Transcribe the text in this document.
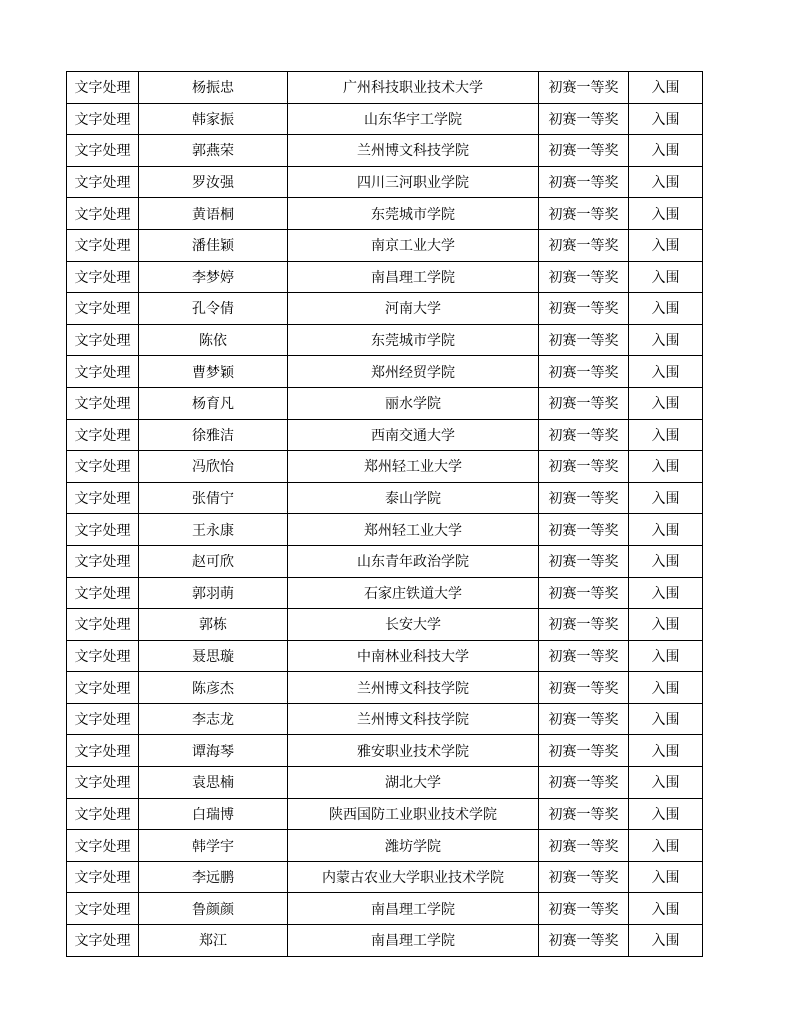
文字处理	杨振忠	广州科技职业技术大学	初赛一等奖	入围
文字处理	韩家振	山东华宇工学院	初赛一等奖	入围
文字处理	郭燕荣	兰州博文科技学院	初赛一等奖	入围
文字处理	罗汝强	四川三河职业学院	初赛一等奖	入围
文字处理	黄语桐	东莞城市学院	初赛一等奖	入围
文字处理	潘佳颖	南京工业大学	初赛一等奖	入围
文字处理	李梦婷	南昌理工学院	初赛一等奖	入围
文字处理	孔令倩	河南大学	初赛一等奖	入围
文字处理	陈依	东莞城市学院	初赛一等奖	入围
文字处理	曹梦颖	郑州经贸学院	初赛一等奖	入围
文字处理	杨育凡	丽水学院	初赛一等奖	入围
文字处理	徐雅洁	西南交通大学	初赛一等奖	入围
文字处理	冯欣怡	郑州轻工业大学	初赛一等奖	入围
文字处理	张倩宁	泰山学院	初赛一等奖	入围
文字处理	王永康	郑州轻工业大学	初赛一等奖	入围
文字处理	赵可欣	山东青年政治学院	初赛一等奖	入围
文字处理	郭羽萌	石家庄铁道大学	初赛一等奖	入围
文字处理	郭栋	长安大学	初赛一等奖	入围
文字处理	聂思璇	中南林业科技大学	初赛一等奖	入围
文字处理	陈彦杰	兰州博文科技学院	初赛一等奖	入围
文字处理	李志龙	兰州博文科技学院	初赛一等奖	入围
文字处理	谭海琴	雅安职业技术学院	初赛一等奖	入围
文字处理	袁思楠	湖北大学	初赛一等奖	入围
文字处理	白瑞博	陕西国防工业职业技术学院	初赛一等奖	入围
文字处理	韩学宇	潍坊学院	初赛一等奖	入围
文字处理	李远鹏	内蒙古农业大学职业技术学院	初赛一等奖	入围
文字处理	鲁颜颜	南昌理工学院	初赛一等奖	入围
文字处理	郑江	南昌理工学院	初赛一等奖	入围
